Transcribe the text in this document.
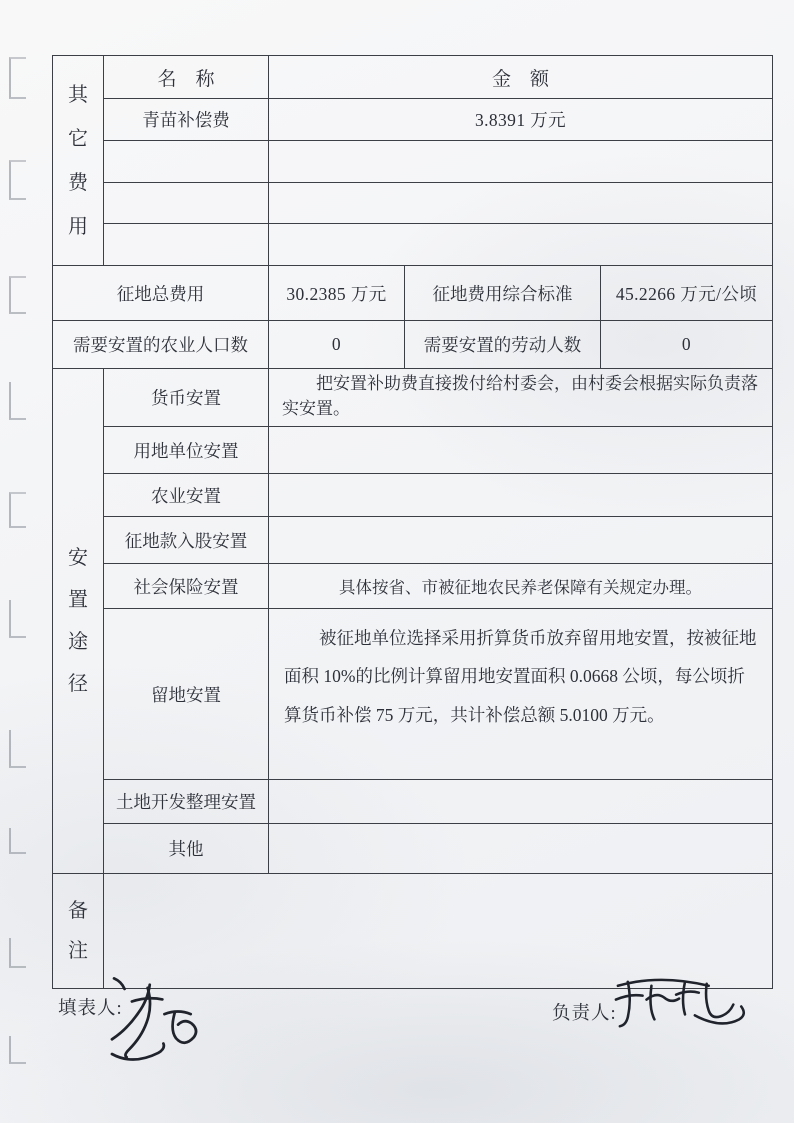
其
它
费
用	名　称	金　额		
	青苗补偿费	3.8391 万元		

征地总费用		30.2385 万元	征地费用综合标准	45.2266 万元/公顷
需要安置的农业人口数		0	需要安置的劳动人数	0

安
置
途
径	货币安置	把安置补助费直接拨付给村委会，由村委会根据实际负责落实安置。		
	用地单位安置			
	农业安置			
	征地款入股安置			
	社会保险安置	具体按省、市被征地农民养老保障有关规定办理。		
	留地安置	被征地单位选择采用折算货币放弃留用地安置，按被征地面积 10%的比例计算留用地安置面积 0.0668 公顷，每公顷折算货币补偿 75 万元，共计补偿总额 5.0100 万元。		
	土地开发整理安置			
	其他			

备
注				

填表人:	负责人:
